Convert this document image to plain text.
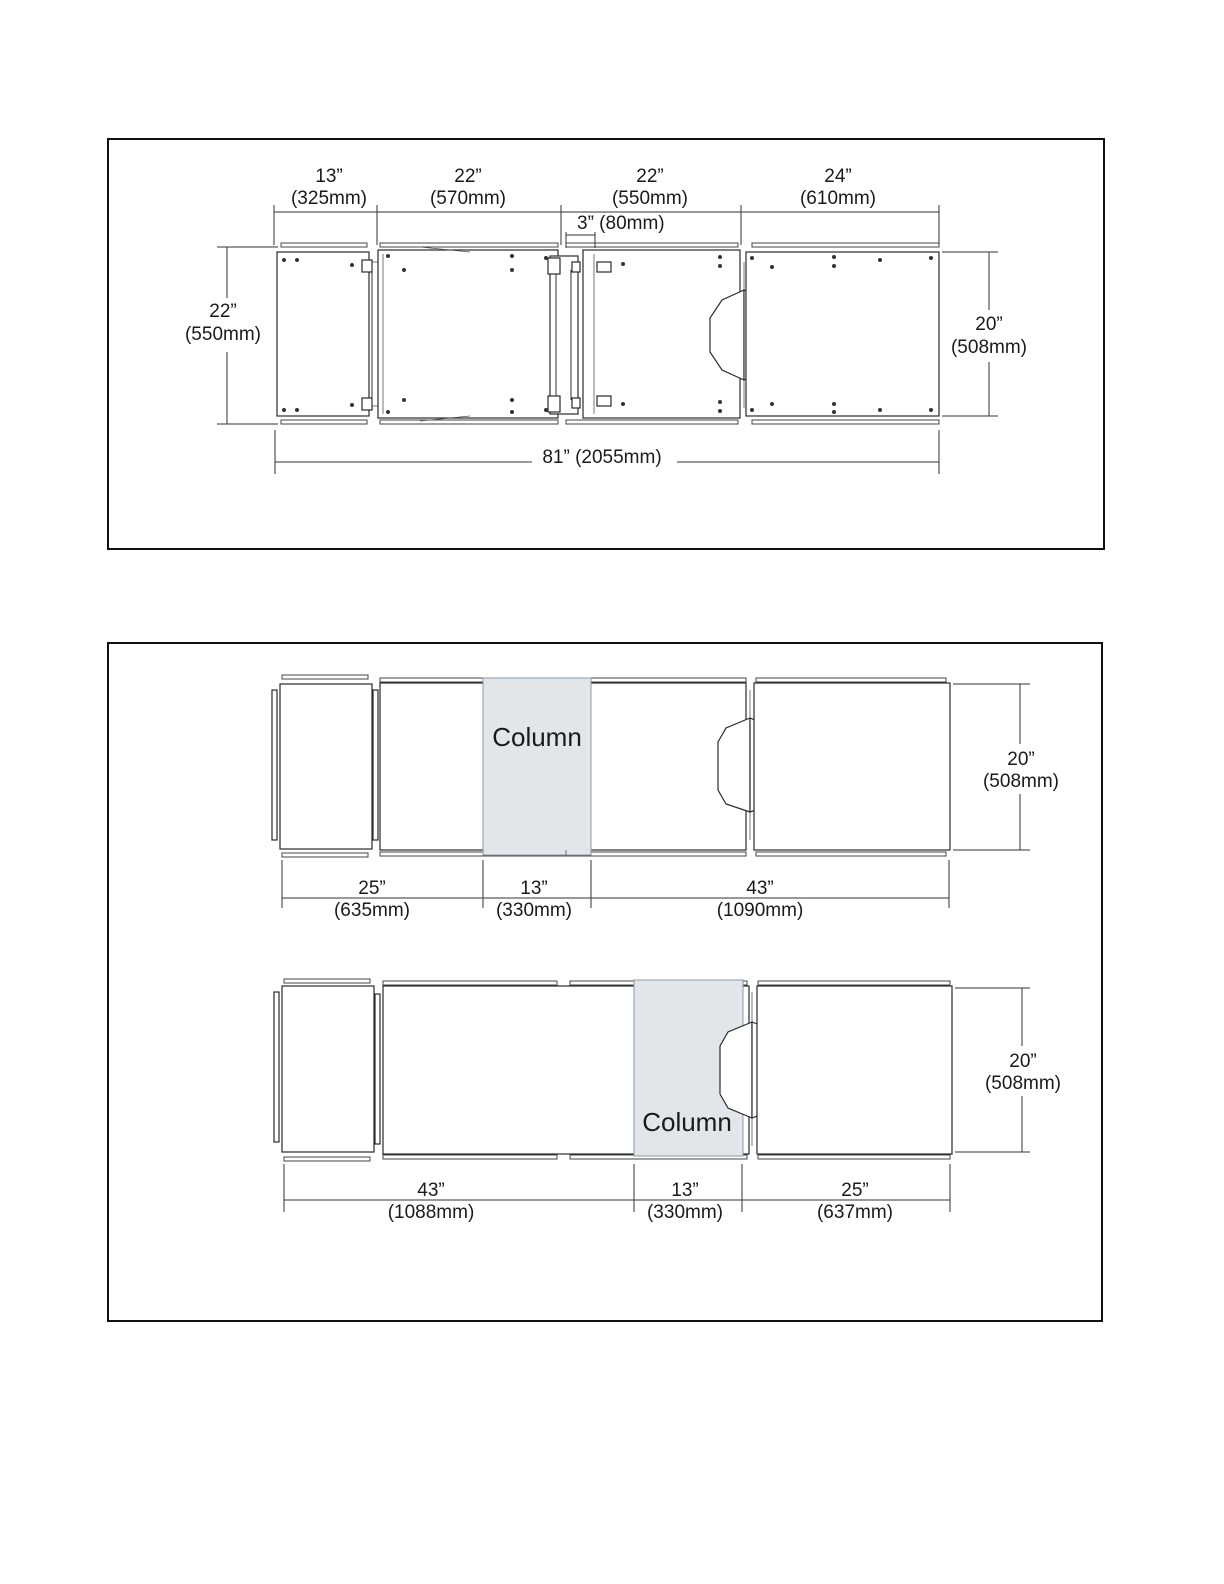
13”
(325mm)
22”
(570mm)
22”
(550mm)
24”
(610mm)
3” (80mm)
22”
(550mm)	20”
(508mm)
81” (2055mm)
Column
20”
(508mm)
25”
(635mm)
13”
(330mm)
43”
(1090mm)
Column
20”
(508mm)
43”
(1088mm)
13”
(330mm)
25”
(637mm)
